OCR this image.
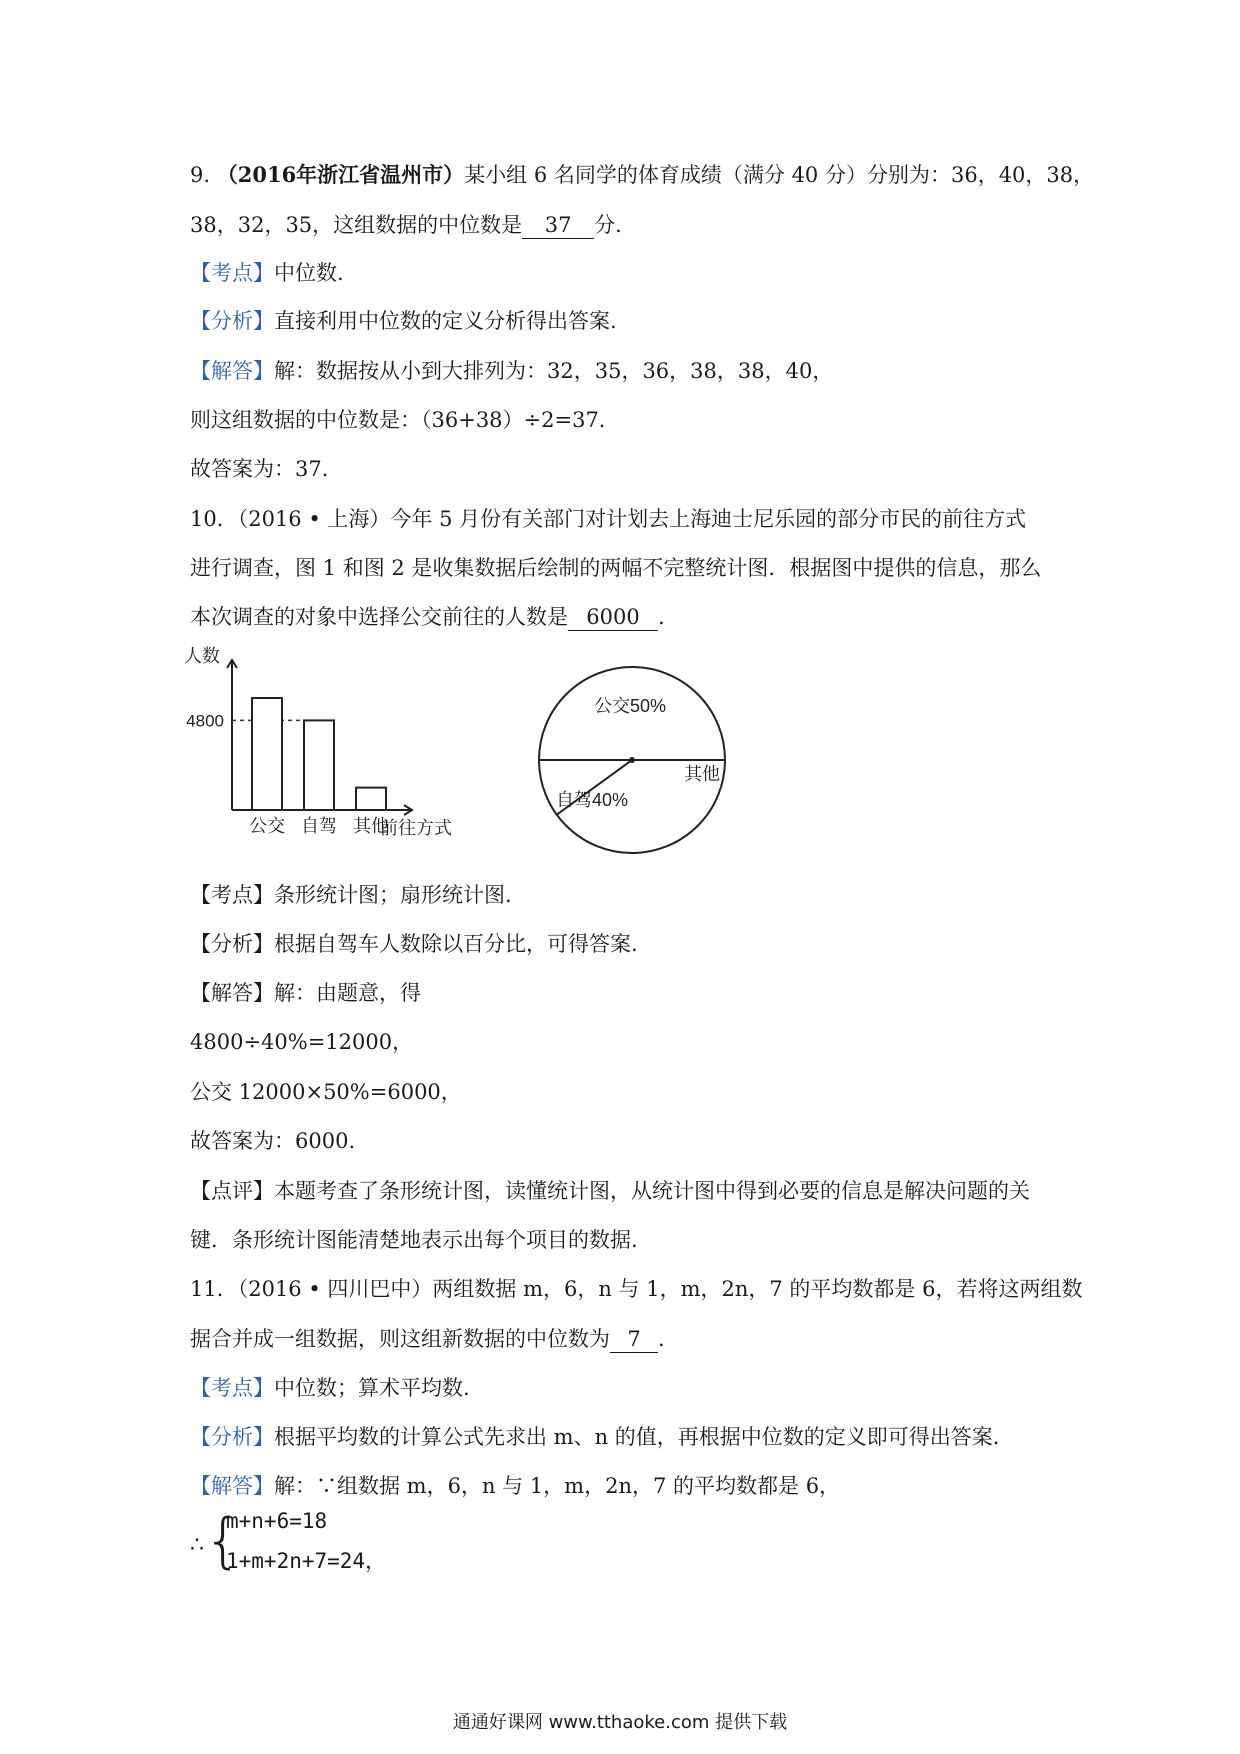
9. （2016年浙江省温州市）某小组 6 名同学的体育成绩（满分 40 分）分别为：36，40，38，
38，32，35，这组数据的中位数是 37 分.
【考点】中位数.
【分析】直接利用中位数的定义分析得出答案.
【解答】解：数据按从小到大排列为：32，35，36，38，38，40，
则这组数据的中位数是：（36+38）÷2=37.
故答案为：37.
10．（2016 • 上海）今年 5 月份有关部门对计划去上海迪士尼乐园的部分市民的前往方式
进行调查，图 1 和图 2 是收集数据后绘制的两幅不完整统计图．根据图中提供的信息，那么
本次调查的对象中选择公交前往的人数是 6000 .
公交 自驾 其他
人数
4800
前往方式
公交50%
自驾40%
其他
【考点】条形统计图；扇形统计图.
【分析】根据自驾车人数除以百分比，可得答案.
【解答】解：由题意，得
4800÷40%=12000，
公交 12000×50%=6000，
故答案为：6000.
【点评】本题考查了条形统计图，读懂统计图，从统计图中得到必要的信息是解决问题的关
键．条形统计图能清楚地表示出每个项目的数据.
11．（2016 • 四川巴中）两组数据 m，6，n 与 1，m，2n，7 的平均数都是 6，若将这两组数
据合并成一组数据，则这组新数据的中位数为 7 .
【考点】中位数；算术平均数.
【分析】根据平均数的计算公式先求出 m、n 的值，再根据中位数的定义即可得出答案.
【解答】解：∵组数据 m，6，n 与 1，m，2n，7 的平均数都是 6，
∴ {
m+n+6=18
1+m+2n+7=24，
通通好课网 www.tthaoke.com 提供下载
